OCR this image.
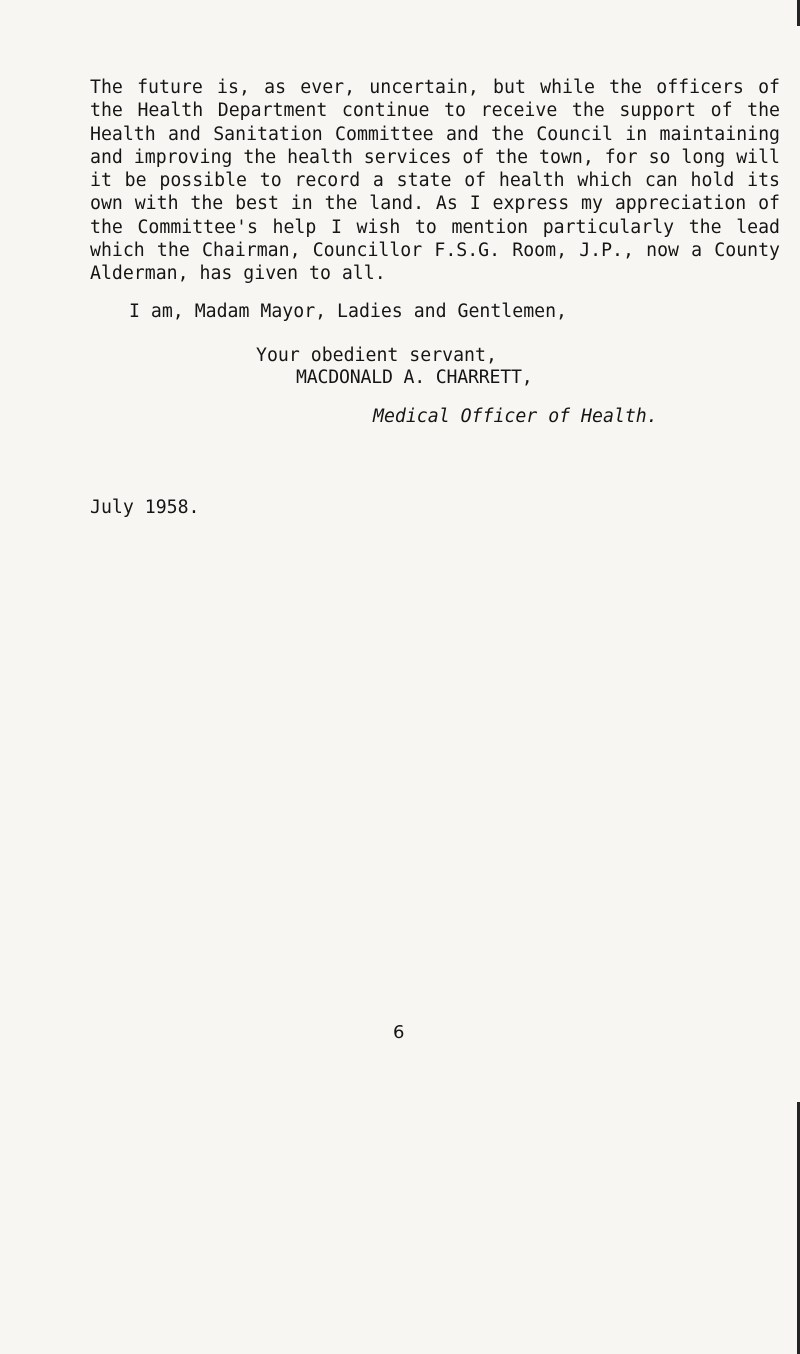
The future is, as ever, uncertain, but while the officers of the Health Department continue to receive the support of the Health and Sanitation Committee and the Council in maintaining and improving the health services of the town, for so long will it be possible to record a state of health which can hold its own with the best in the land. As I express my appreciation of the Committee's help I wish to mention particularly the lead which the Chairman, Councillor F.S.G. Room, J.P., now a County Alderman, has given to all.

I am, Madam Mayor, Ladies and Gentlemen,
Your obedient servant,
MACDONALD A. CHARRETT,
Medical Officer of Health.
July 1958.
6
